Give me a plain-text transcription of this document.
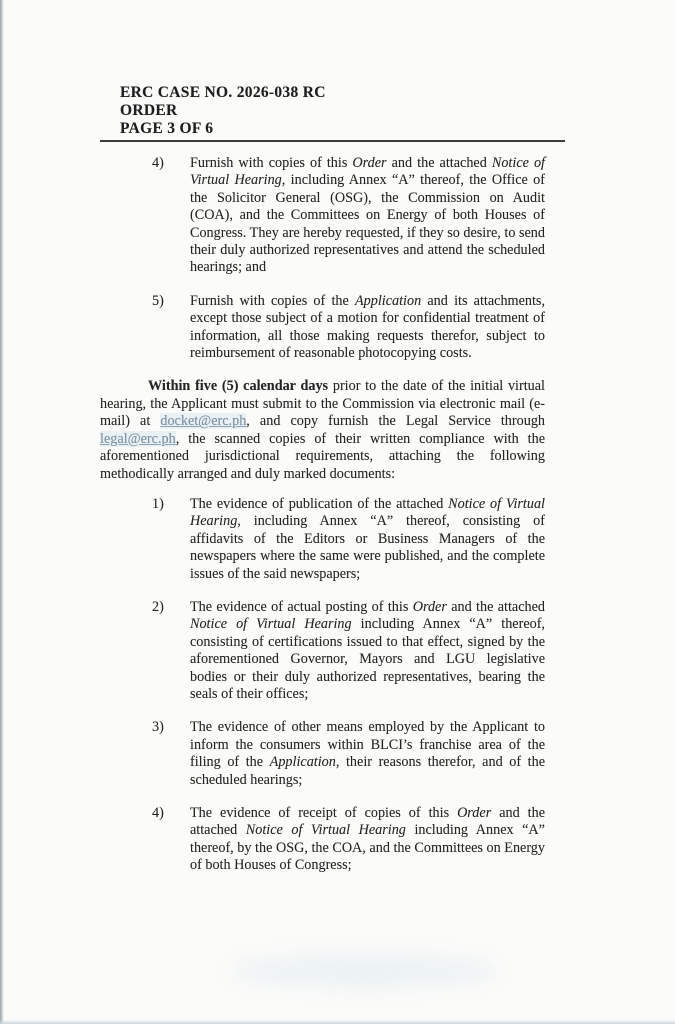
ERC CASE NO. 2026-038 RC
ORDER
PAGE 3 OF 6
4)	Furnish with copies of this Order and the attached Notice of Virtual Hearing, including Annex “A” thereof, the Office of the Solicitor General (OSG), the Commission on Audit (COA), and the Committees on Energy of both Houses of Congress. They are hereby requested, if they so desire, to send their duly authorized representatives and attend the scheduled hearings; and
5)	Furnish with copies of the Application and its attachments, except those subject of a motion for confidential treatment of information, all those making requests therefor, subject to reimbursement of reasonable photocopying costs.

Within five (5) calendar days prior to the date of the initial virtual hearing, the Applicant must submit to the Commission via electronic mail (e-mail) at docket@erc.ph, and copy furnish the Legal Service through legal@erc.ph, the scanned copies of their written compliance with the aforementioned jurisdictional requirements, attaching the following methodically arranged and duly marked documents:

1)	The evidence of publication of the attached Notice of Virtual Hearing, including Annex “A” thereof, consisting of affidavits of the Editors or Business Managers of the newspapers where the same were published, and the complete issues of the said newspapers;
2)	The evidence of actual posting of this Order and the attached Notice of Virtual Hearing including Annex “A” thereof, consisting of certifications issued to that effect, signed by the aforementioned Governor, Mayors and LGU legislative bodies or their duly authorized representatives, bearing the seals of their offices;
3)	The evidence of other means employed by the Applicant to inform the consumers within BLCI’s franchise area of the filing of the Application, their reasons therefor, and of the scheduled hearings;
4)	The evidence of receipt of copies of this Order and the attached Notice of Virtual Hearing including Annex “A” thereof, by the OSG, the COA, and the Committees on Energy of both Houses of Congress;
